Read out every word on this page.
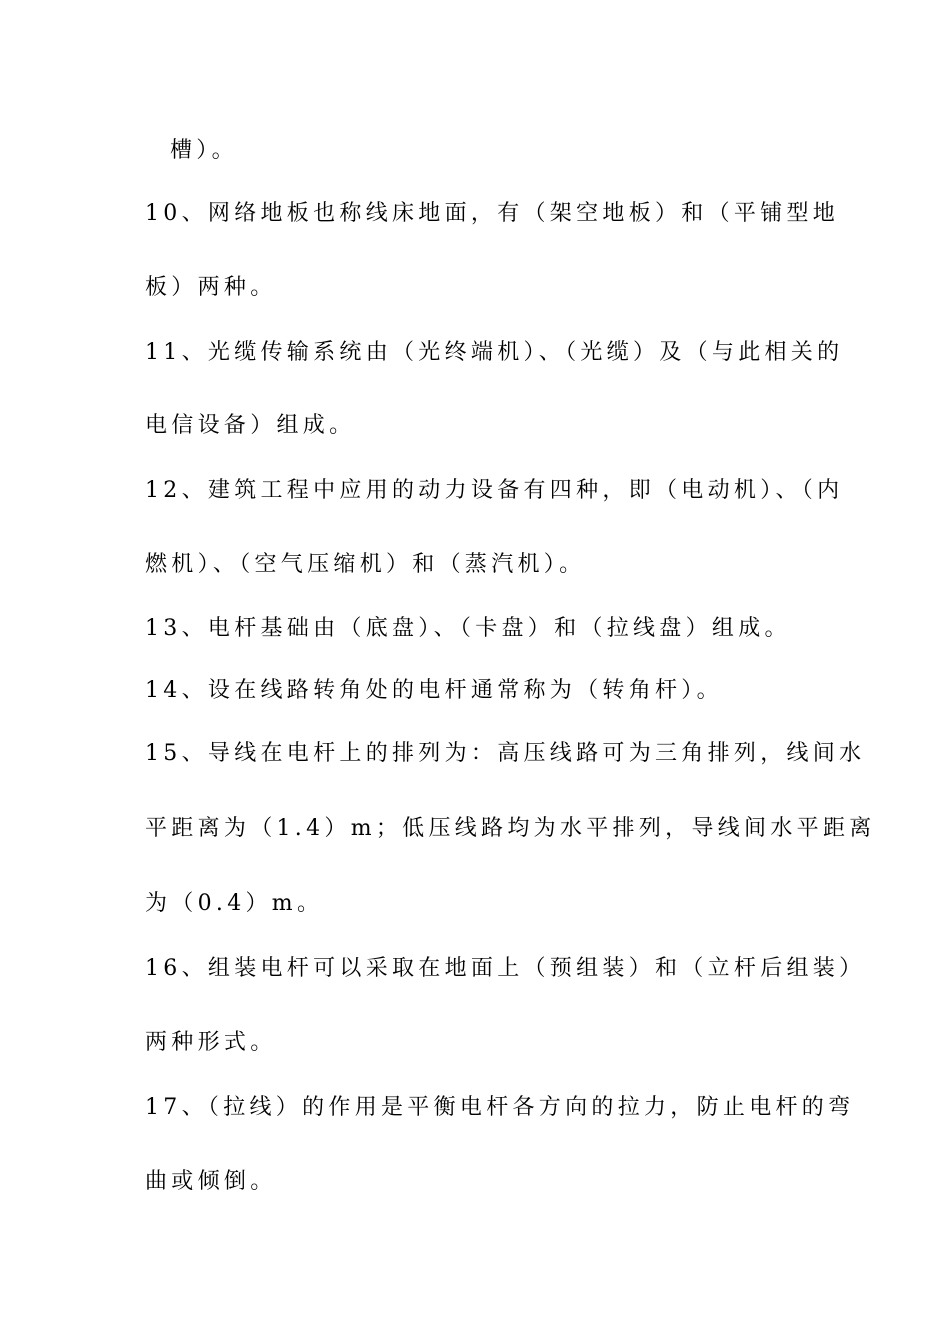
槽）。
10、网络地板也称线床地面，有（架空地板）和（平铺型地
板）两种。
11、光缆传输系统由（光终端机）、（光缆）及（与此相关的
电信设备）组成。
12、建筑工程中应用的动力设备有四种，即（电动机）、（内
燃机）、（空气压缩机）和（蒸汽机）。
13、电杆基础由（底盘）、（卡盘）和（拉线盘）组成。
14、设在线路转角处的电杆通常称为（转角杆）。
15、导线在电杆上的排列为：高压线路可为三角排列，线间水
平距离为（1.4）m；低压线路均为水平排列，导线间水平距离
为（0.4）m。
16、组装电杆可以采取在地面上（预组装）和（立杆后组装）
两种形式。
17、（拉线）的作用是平衡电杆各方向的拉力，防止电杆的弯
曲或倾倒。
